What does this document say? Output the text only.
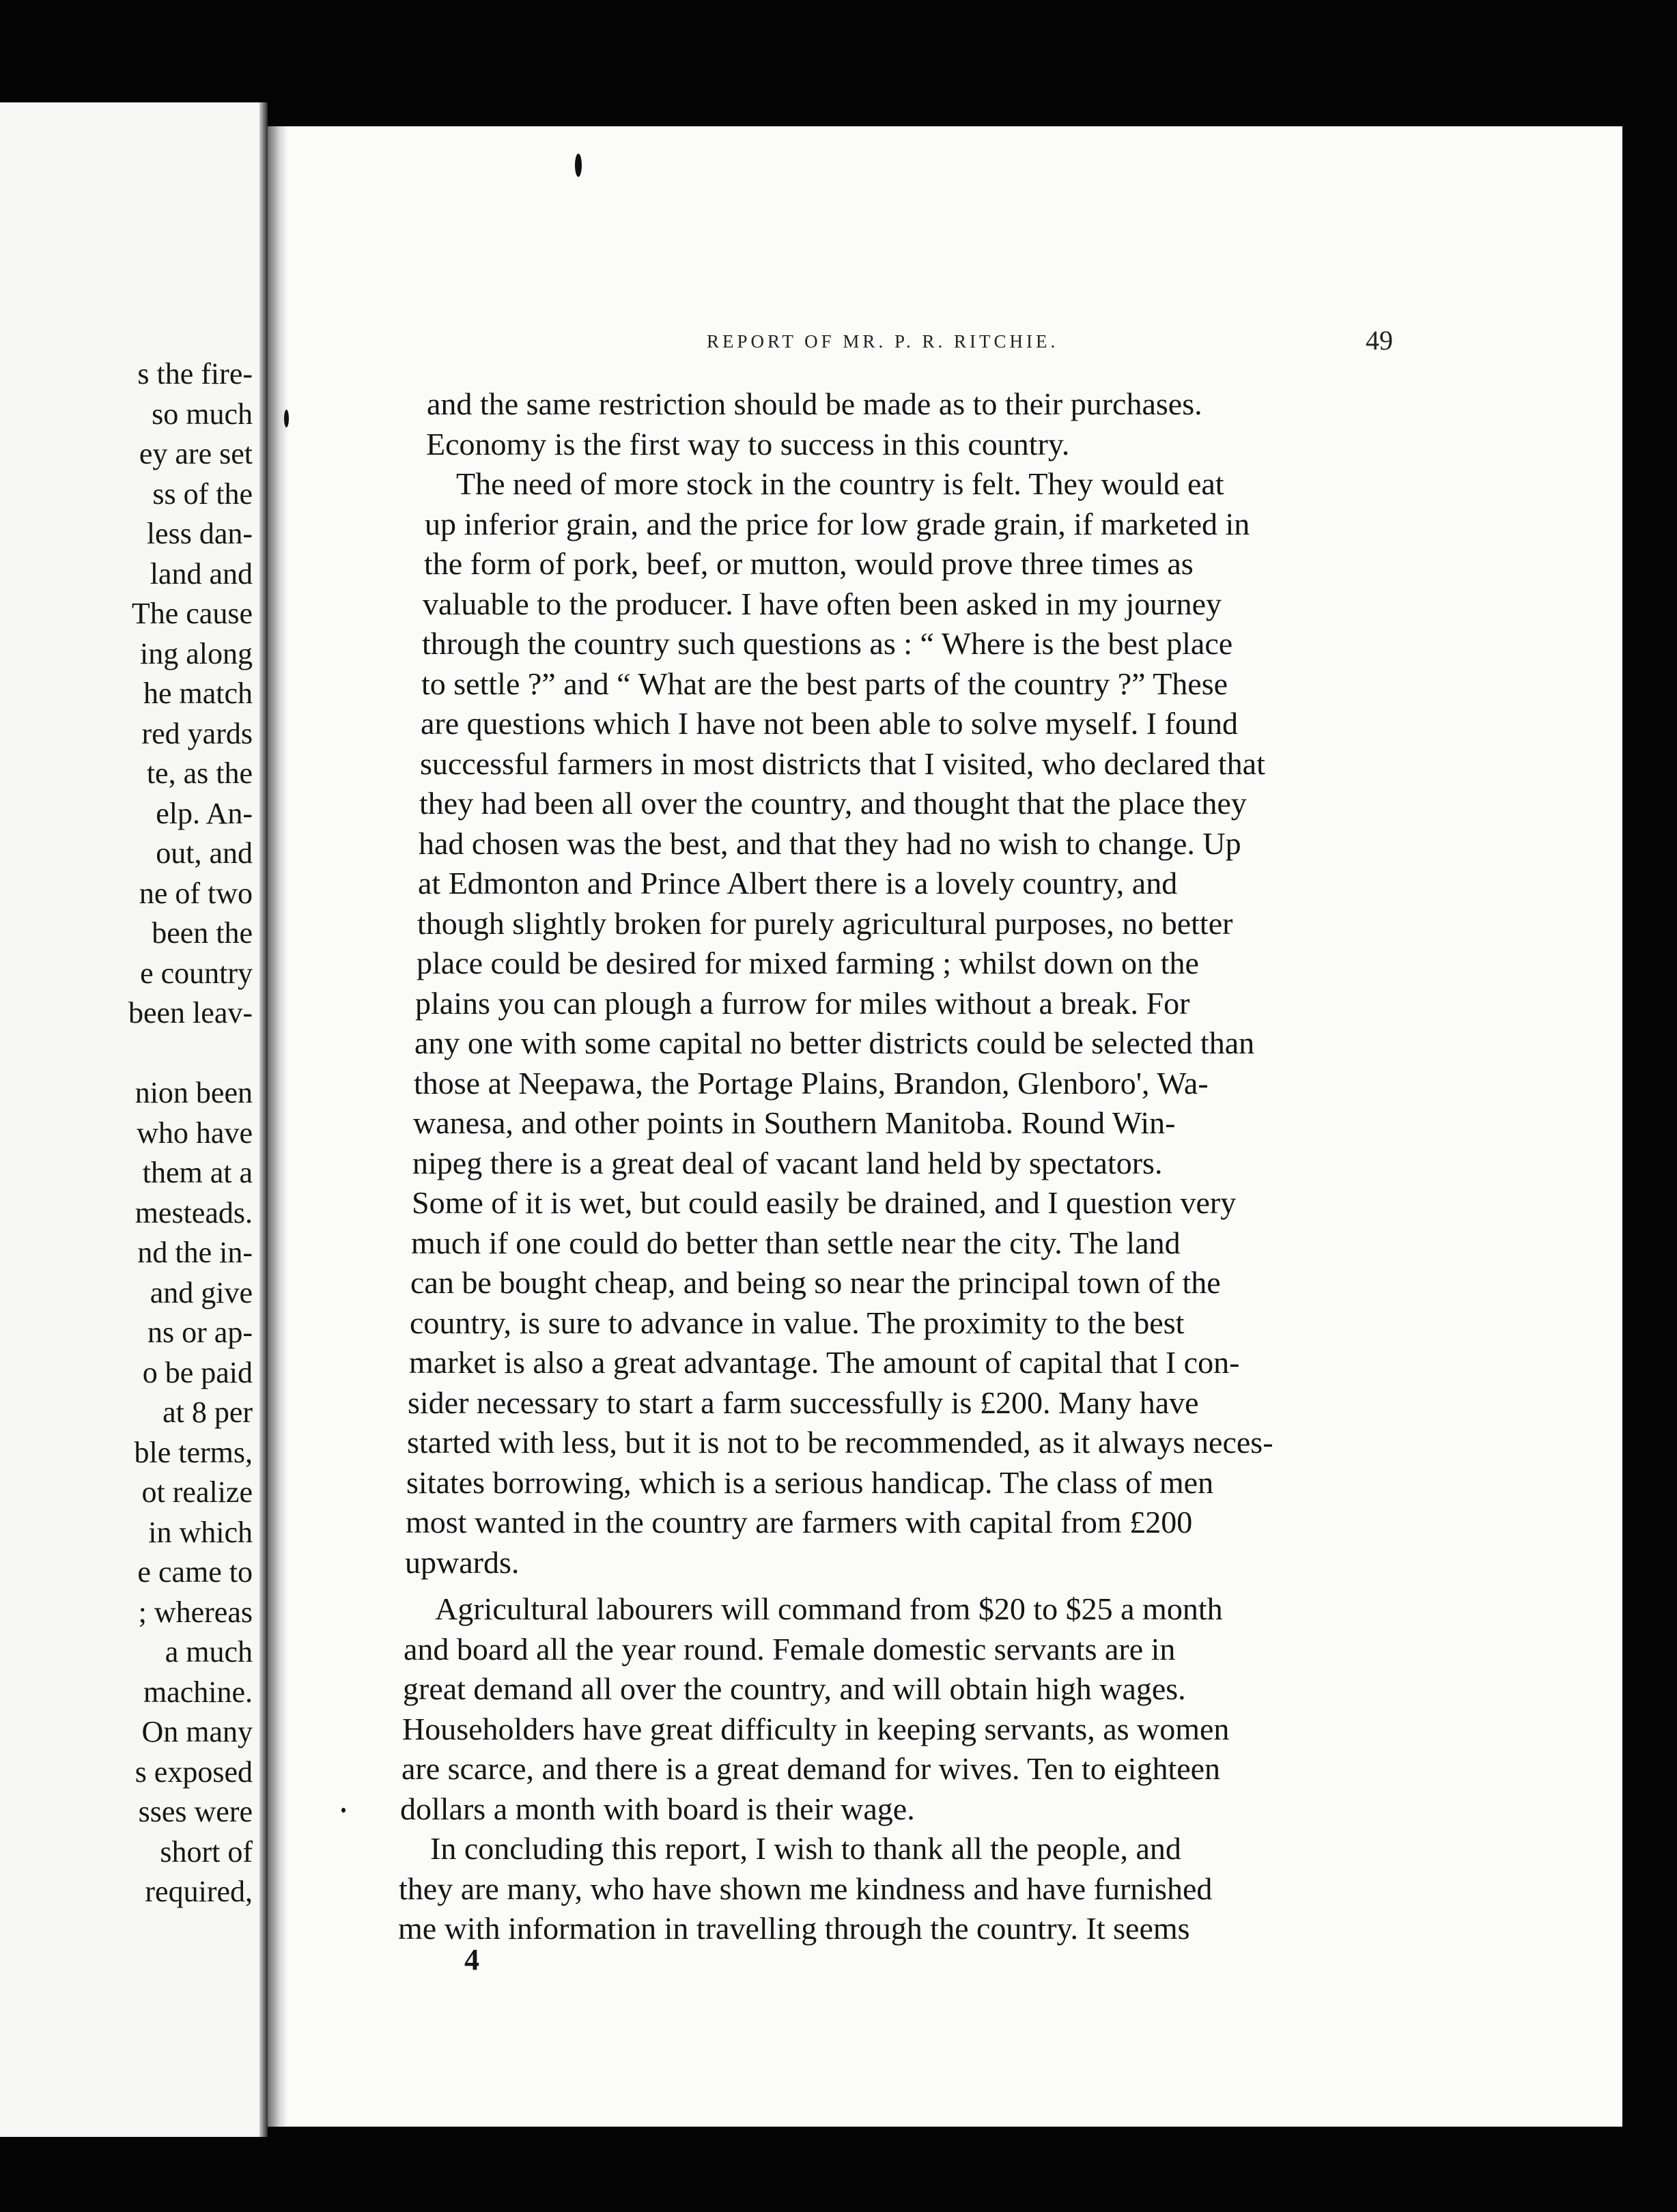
s the fire-
so much
ey are set
ss of the
less dan-
land and
The cause
ing along
he match
red yards
te, as the
elp. An-
out, and
ne of two
been the
e country
been leav-
nion been
who have
them at a
mesteads.
nd the in-
and give
ns or ap-
o be paid
at 8 per
ble terms,
ot realize
in which
e came to
; whereas
a much
machine.
On many
s exposed
sses were
short of
required,
REPORT OF MR. P. R. RITCHIE.	49
and the same restriction should be made as to their purchases.
Economy is the first way to success in this country.
The need of more stock in the country is felt. They would eat
up inferior grain, and the price for low grade grain, if marketed in
the form of pork, beef, or mutton, would prove three times as
valuable to the producer. I have often been asked in my journey
through the country such questions as : “ Where is the best place
to settle ?” and “ What are the best parts of the country ?” These
are questions which I have not been able to solve myself. I found
successful farmers in most districts that I visited, who declared that
they had been all over the country, and thought that the place they
had chosen was the best, and that they had no wish to change. Up
at Edmonton and Prince Albert there is a lovely country, and
though slightly broken for purely agricultural purposes, no better
place could be desired for mixed farming ; whilst down on the
plains you can plough a furrow for miles without a break. For
any one with some capital no better districts could be selected than
those at Neepawa, the Portage Plains, Brandon, Glenboro', Wa-
wanesa, and other points in Southern Manitoba. Round Win-
nipeg there is a great deal of vacant land held by spectators.
Some of it is wet, but could easily be drained, and I question very
much if one could do better than settle near the city. The land
can be bought cheap, and being so near the principal town of the
country, is sure to advance in value. The proximity to the best
market is also a great advantage. The amount of capital that I con-
sider necessary to start a farm successfully is £200. Many have
started with less, but it is not to be recommended, as it always neces-
sitates borrowing, which is a serious handicap. The class of men
most wanted in the country are farmers with capital from £200
upwards.
Agricultural labourers will command from $20 to $25 a month
and board all the year round. Female domestic servants are in
great demand all over the country, and will obtain high wages.
Householders have great difficulty in keeping servants, as women
are scarce, and there is a great demand for wives. Ten to eighteen
dollars a month with board is their wage.
In concluding this report, I wish to thank all the people, and
they are many, who have shown me kindness and have furnished
me with information in travelling through the country. It seems
4
